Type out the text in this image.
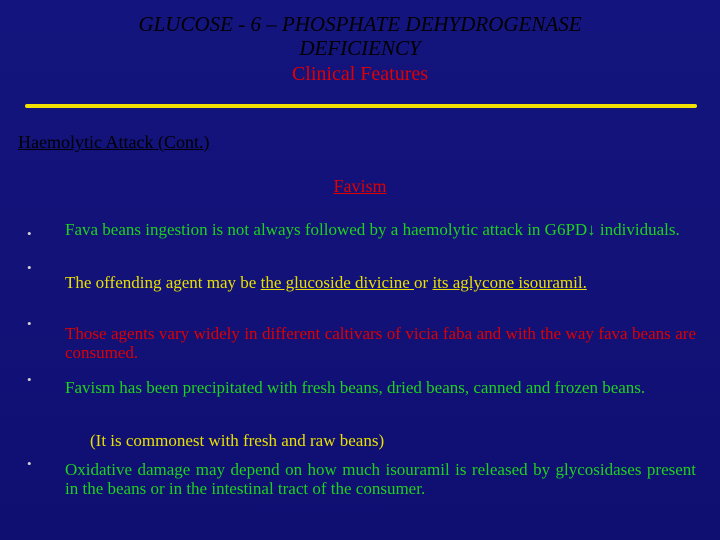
GLUCOSE - 6 – PHOSPHATE DEHYDROGENASE
DEFICIENCY
Clinical Features
Haemolytic Attack (Cont.)
Favism
•
•
•
•
•
Fava beans ingestion is not always followed by a haemolytic attack in G6PD↓ individuals.
The offending agent may be the glucoside divicine or its aglycone isouramil.
Those agents vary widely in different caltivars of vicia faba and with the way fava beans are consumed.
Favism has been precipitated with fresh beans, dried beans, canned and frozen beans.
(It is commonest with fresh and raw beans)
Oxidative damage may depend on how much isouramil is released by glycosidases present in the beans or in the intestinal tract of the consumer.
